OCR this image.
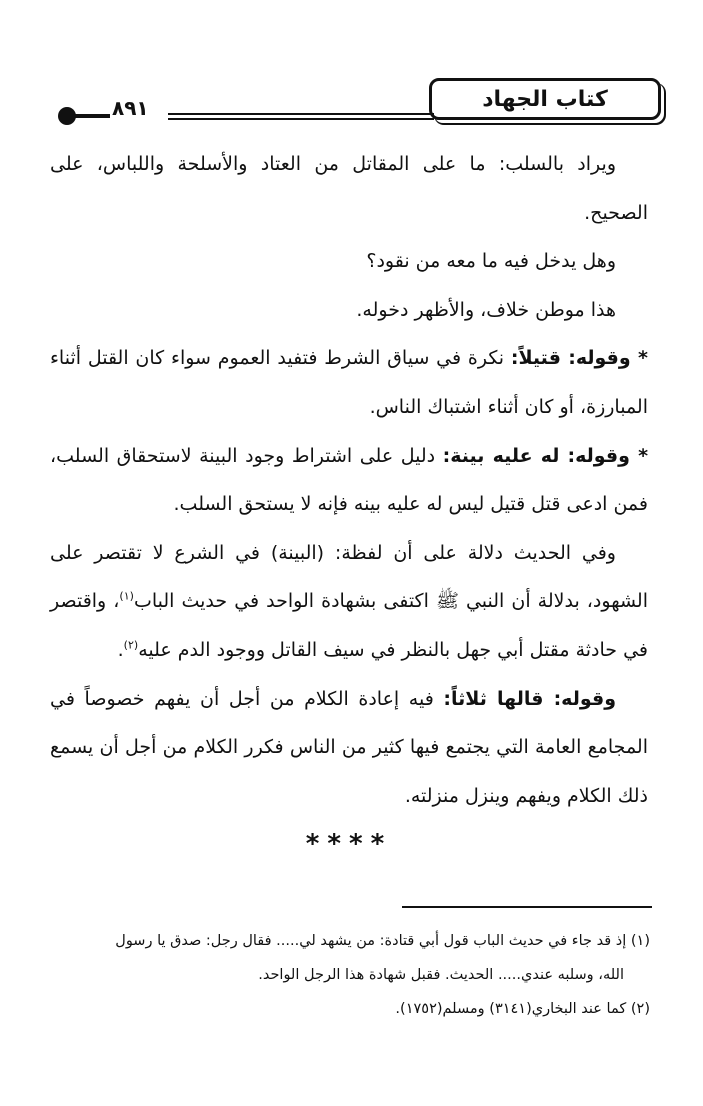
كتاب الجهاد
٨٩١

ويراد بالسلب: ما على المقاتل من العتاد والأسلحة واللباس، على الصحيح.

وهل يدخل فيه ما معه من نقود؟

هذا موطن خلاف، والأظهر دخوله.

* وقوله: قتيلاً: نكرة في سياق الشرط فتفيد العموم سواء كان القتل أثناء المبارزة، أو كان أثناء اشتباك الناس.

* وقوله: له عليه بينة: دليل على اشتراط وجود البينة لاستحقاق السلب، فمن ادعى قتل قتيل ليس له عليه بينه فإنه لا يستحق السلب.

وفي الحديث دلالة على أن لفظة: (البينة) في الشرع لا تقتصر على الشهود، بدلالة أن النبي ﷺ اكتفى بشهادة الواحد في حديث الباب$^{(١)}$، واقتصر في حادثة مقتل أبي جهل بالنظر في سيف القاتل ووجود الدم عليه$^{(٢)}$.

وقوله: قالها ثلاثاً: فيه إعادة الكلام من أجل أن يفهم خصوصاً في المجامع العامة التي يجتمع فيها كثير من الناس فكرر الكلام من أجل أن يسمع ذلك الكلام ويفهم وينزل منزلته.

****

(١) إذ قد جاء في حديث الباب قول أبي قتادة: من يشهد لي..... فقال رجل: صدق يا رسول

الله، وسلبه عندي..... الحديث. فقبل شهادة هذا الرجل الواحد.

(٢) كما عند البخاري(٣١٤١) ومسلم(١٧٥٢).
